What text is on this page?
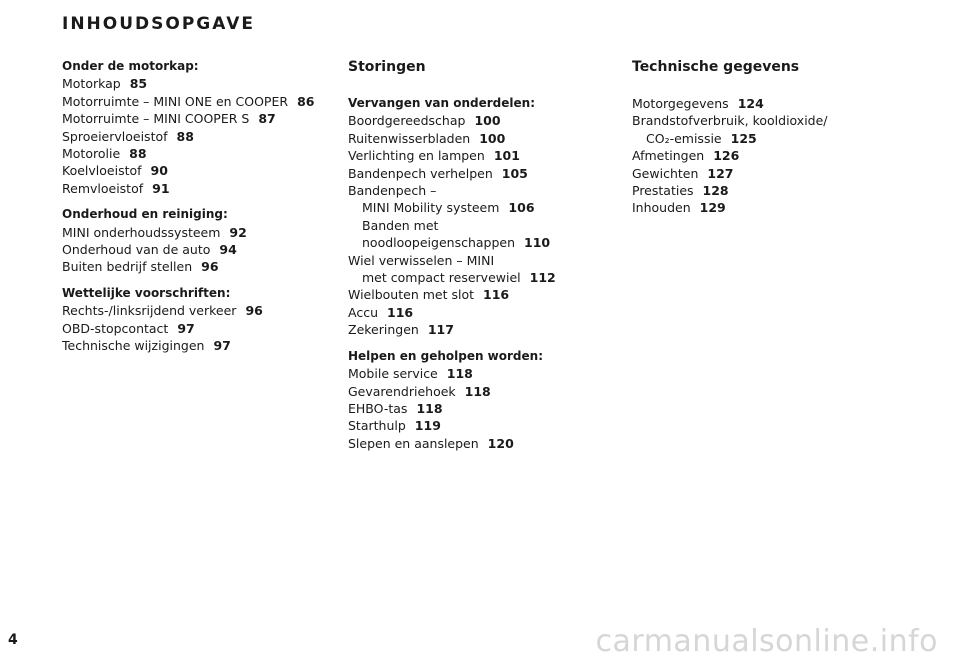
INHOUDSOPGAVE
Onder de motorkap:
Motorkap 85
Motorruimte – MINI ONE en COOPER 86
Motorruimte – MINI COOPER S 87
Sproeiervloeistof 88
Motorolie 88
Koelvloeistof 90
Remvloeistof 91
Onderhoud en reiniging:
MINI onderhoudssysteem 92
Onderhoud van de auto 94
Buiten bedrijf stellen 96
Wettelijke voorschriften:
Rechts-/linksrijdend verkeer 96
OBD-stopcontact 97
Technische wijzigingen 97
Storingen
Vervangen van onderdelen:
Boordgereedschap 100
Ruitenwisserbladen 100
Verlichting en lampen 101
Bandenpech verhelpen 105
Bandenpech –
MINI Mobility systeem 106
Banden met
noodloopeigenschappen 110
Wiel verwisselen – MINI
met compact reservewiel 112
Wielbouten met slot 116
Accu 116
Zekeringen 117
Helpen en geholpen worden:
Mobile service 118
Gevarendriehoek 118
EHBO-tas 118
Starthulp 119
Slepen en aanslepen 120
Technische gegevens
Motorgegevens 124
Brandstofverbruik, kooldioxide/
CO₂-emissie 125
Afmetingen 126
Gewichten 127
Prestaties 128
Inhouden 129
4	carmanualsonline.info
